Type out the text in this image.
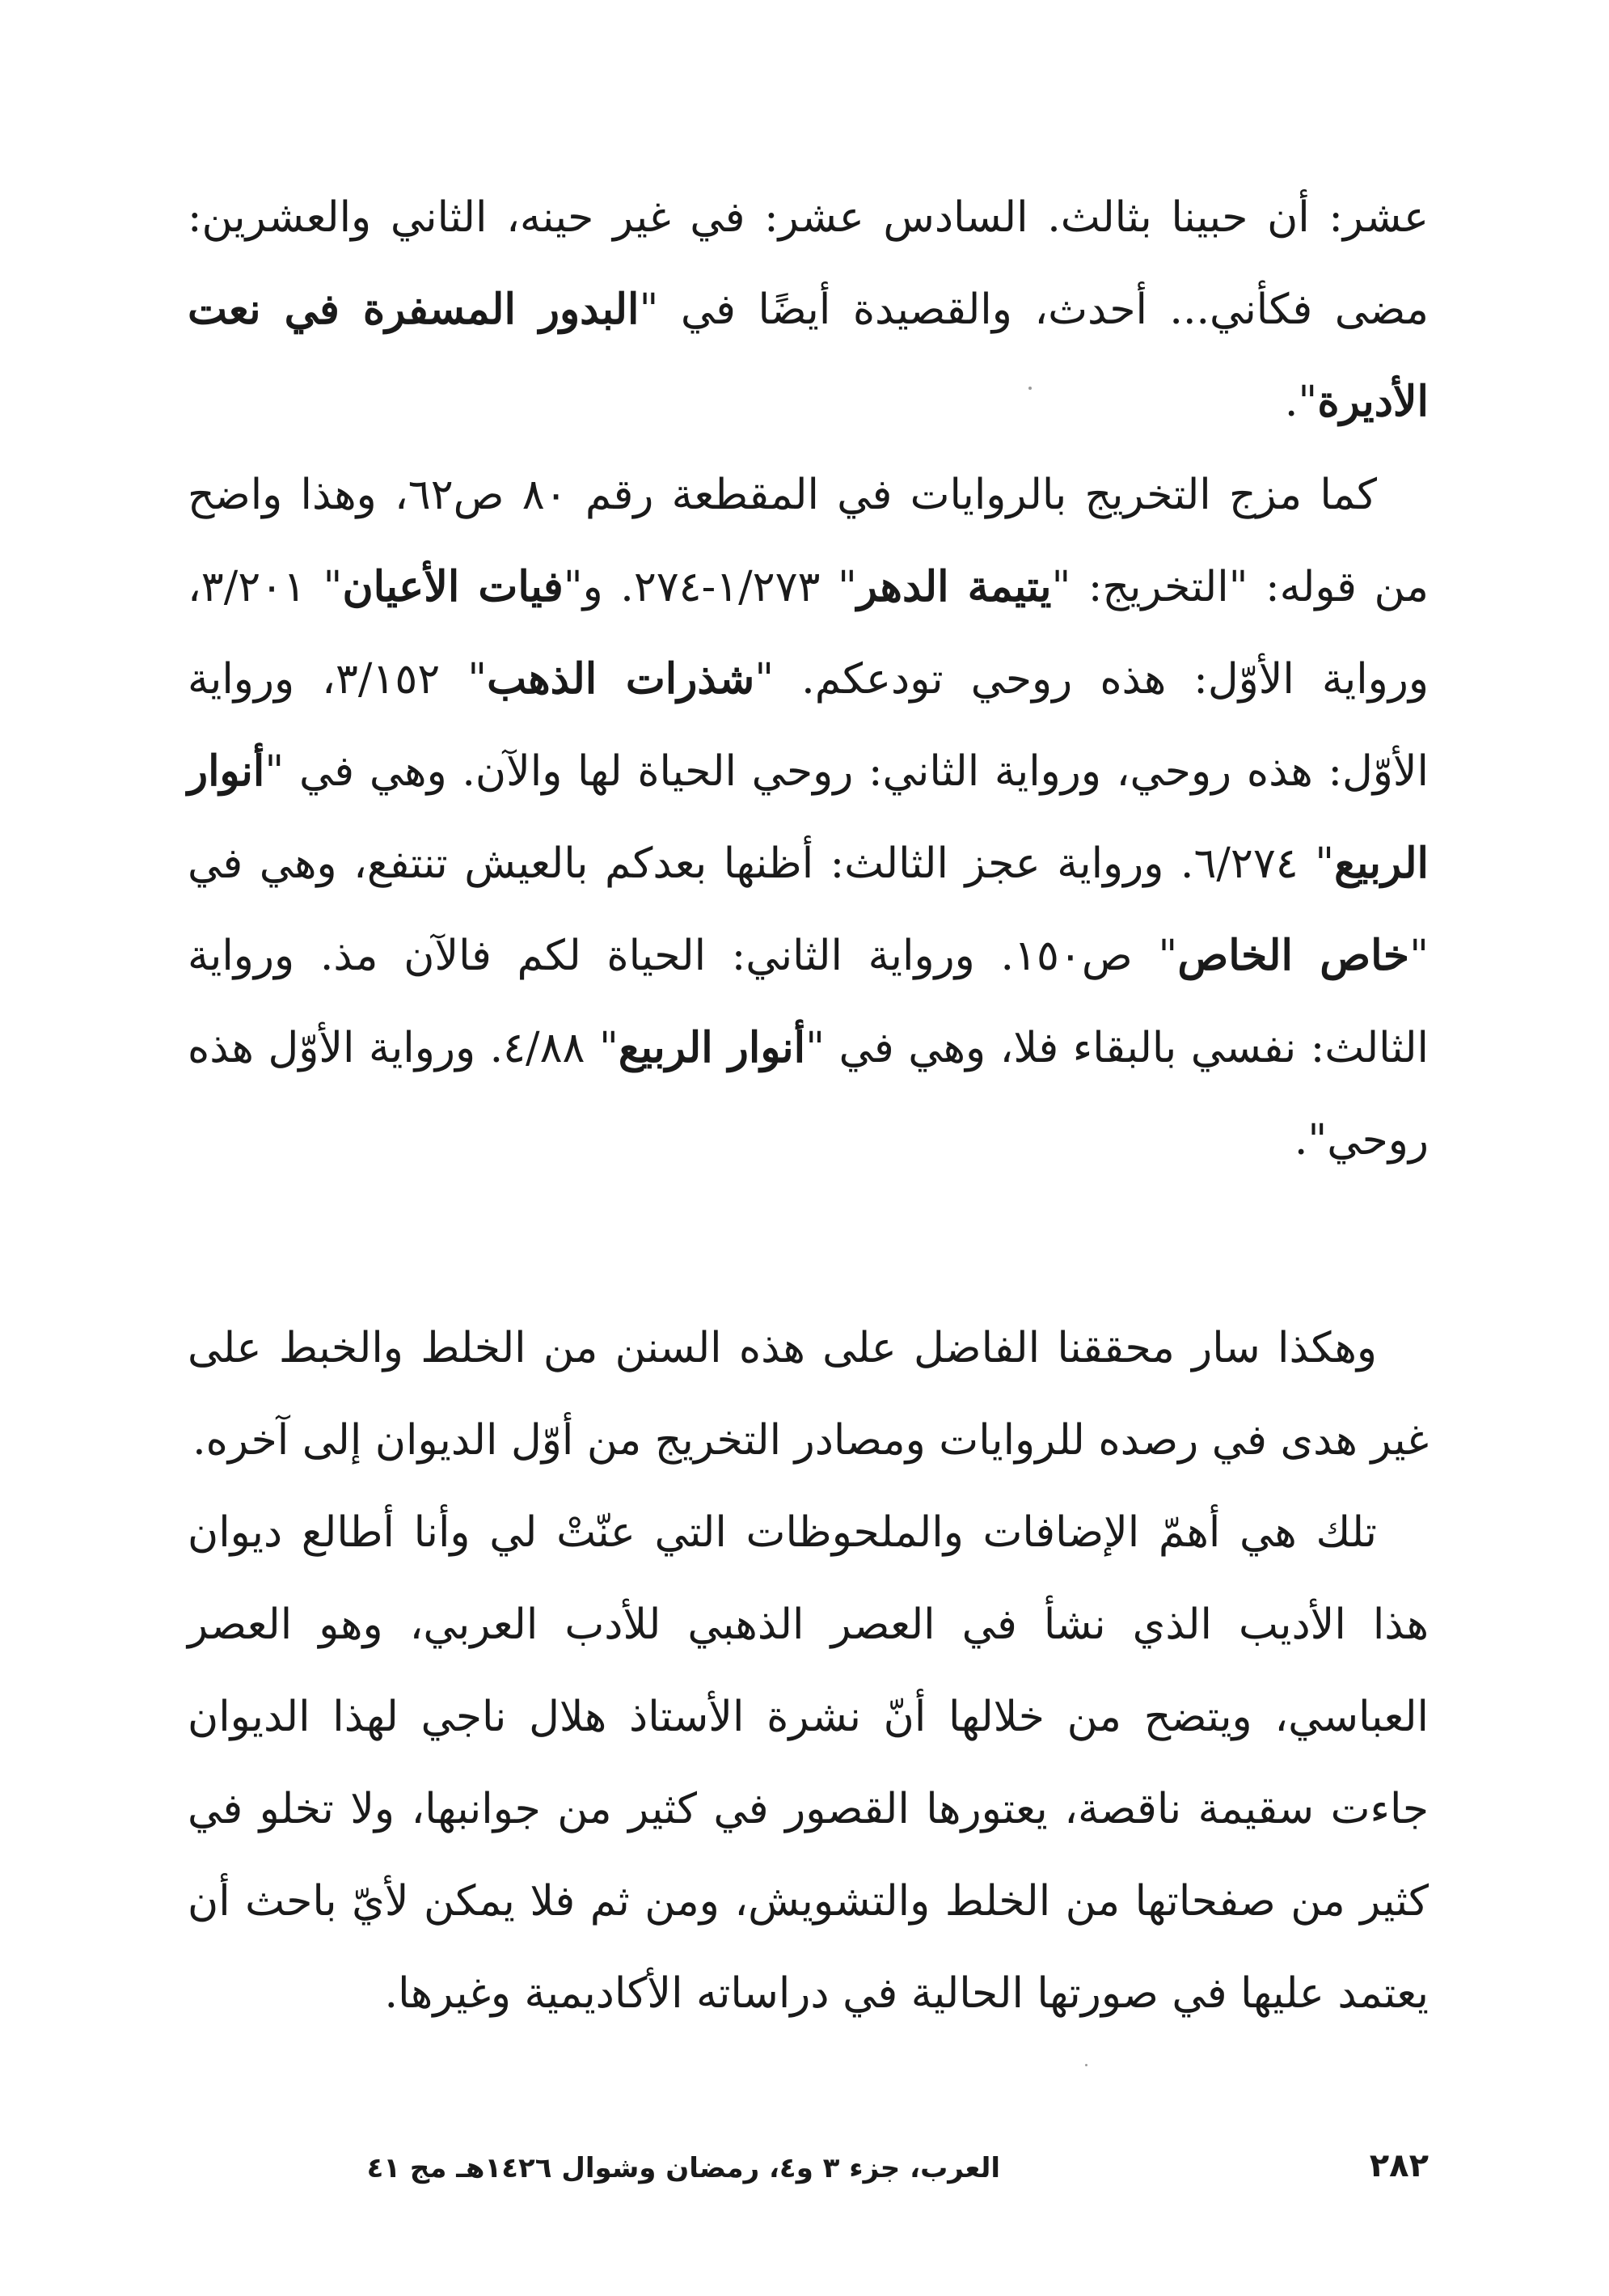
عشر: أن حبينا بثالث. السادس عشر: في غير حينه، الثاني والعشرين: مضى فكأني... أحدث، والقصيدة أيضًا في "البدور المسفرة في نعت الأديرة".

كما مزج التخريج بالروايات في المقطعة رقم ٨٠ ص٦٢، وهذا واضح من قوله: "التخريج: "يتيمة الدهر" ١/٢٧٣-٢٧٤. و"فيات الأعيان" ٣/٢٠١، ورواية الأوّل: هذه روحي تودعكم. "شذرات الذهب" ٣/١٥٢، ورواية الأوّل: هذه روحي، ورواية الثاني: روحي الحياة لها والآن. وهي في "أنوار الربيع" ٦/٢٧٤. ورواية عجز الثالث: أظنها بعدكم بالعيش تنتفع، وهي في "خاص الخاص" ص١٥٠. ورواية الثاني: الحياة لكم فالآن مذ. ورواية الثالث: نفسي بالبقاء فلا، وهي في "أنوار الربيع" ٤/٨٨. ورواية الأوّل هذه روحي".

وهكذا سار محققنا الفاضل على هذه السنن من الخلط والخبط على غير هدى في رصده للروايات ومصادر التخريج من أوّل الديوان إلى آخره.

تلك هي أهمّ الإضافات والملحوظات التي عنّتْ لي وأنا أطالع ديوان هذا الأديب الذي نشأ في العصر الذهبي للأدب العربي، وهو العصر العباسي، ويتضح من خلالها أنّ نشرة الأستاذ هلال ناجي لهذا الديوان جاءت سقيمة ناقصة، يعتورها القصور في كثير من جوانبها، ولا تخلو في كثير من صفحاتها من الخلط والتشويش، ومن ثم فلا يمكن لأيّ باحث أن يعتمد عليها في صورتها الحالية في دراساته الأكاديمية وغيرها.

٢٨٢
العرب، جزء ٣ و٤، رمضان وشوال ١٤٢٦هـ مج ٤١
